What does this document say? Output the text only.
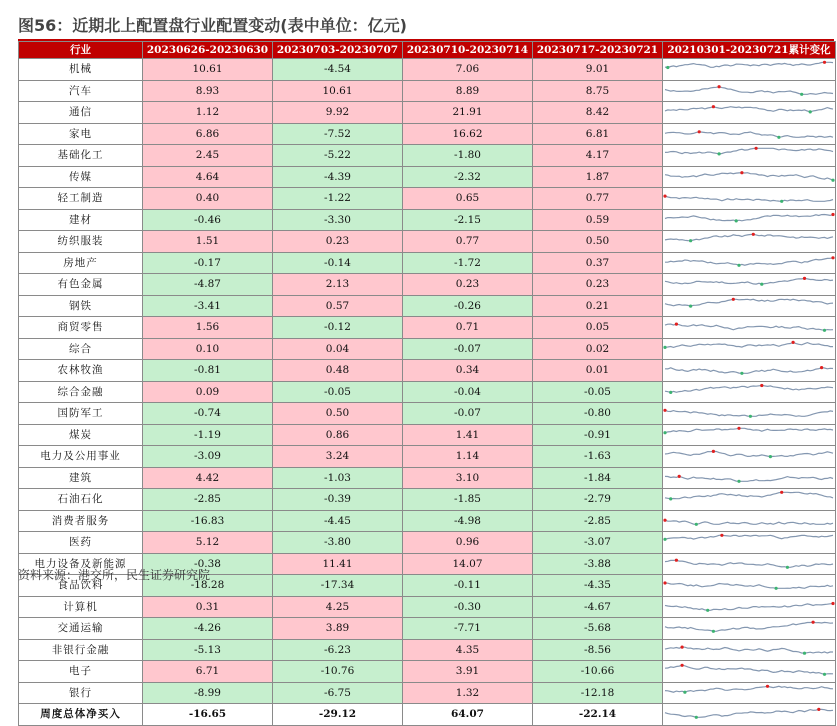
图56：近期北上配置盘行业配置变动(表中单位：亿元)
行业	20230626-20230630	20230703-20230707	20230710-20230714	20230717-20230721	20210301-20230721累计变化
机械	10.61	-4.54	7.06	9.01	
汽车	8.93	10.61	8.89	8.75	
通信	1.12	9.92	21.91	8.42	
家电	6.86	-7.52	16.62	6.81	
基础化工	2.45	-5.22	-1.80	4.17	
传媒	4.64	-4.39	-2.32	1.87	
轻工制造	0.40	-1.22	0.65	0.77	
建材	-0.46	-3.30	-2.15	0.59	
纺织服装	1.51	0.23	0.77	0.50	
房地产	-0.17	-0.14	-1.72	0.37	
有色金属	-4.87	2.13	0.23	0.23	
钢铁	-3.41	0.57	-0.26	0.21	
商贸零售	1.56	-0.12	0.71	0.05	
综合	0.10	0.04	-0.07	0.02	
农林牧渔	-0.81	0.48	0.34	0.01	
综合金融	0.09	-0.05	-0.04	-0.05	
国防军工	-0.74	0.50	-0.07	-0.80	
煤炭	-1.19	0.86	1.41	-0.91	
电力及公用事业	-3.09	3.24	1.14	-1.63	
建筑	4.42	-1.03	3.10	-1.84	
石油石化	-2.85	-0.39	-1.85	-2.79	
消费者服务	-16.83	-4.45	-4.98	-2.85	
医药	5.12	-3.80	0.96	-3.07	
电力设备及新能源	-0.38	11.41	14.07	-3.88	
食品饮料	-18.28	-17.34	-0.11	-4.35	
计算机	0.31	4.25	-0.30	-4.67	
交通运输	-4.26	3.89	-7.71	-5.68	
非银行金融	-5.13	-6.23	4.35	-8.56	
电子	6.71	-10.76	3.91	-10.66	
银行	-8.99	-6.75	1.32	-12.18	
周度总体净买入	-16.65	-29.12	64.07	-22.14	
资料来源：港交所，民生证券研究院
